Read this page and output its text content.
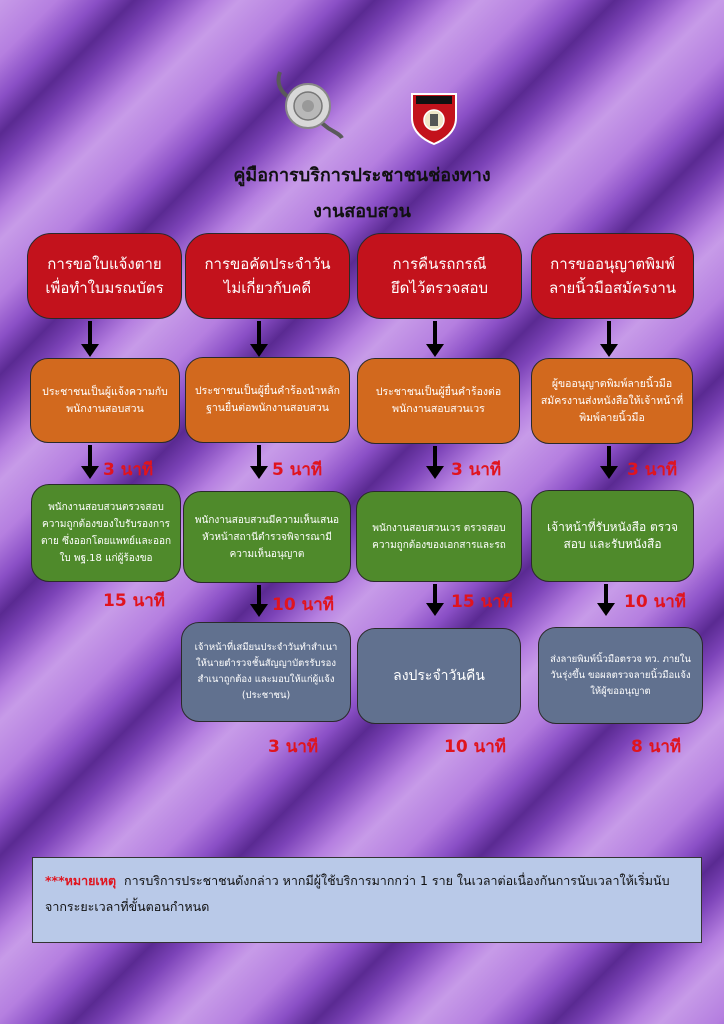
คู่มือการบริการประชาชนช่องทาง
งานสอบสวน
การขอใบแจ้งตาย
เพื่อทำใบมรณบัตร
ประชาชนเป็นผู้แจ้งความกับพนักงานสอบสวน
3 นาที
พนักงานสอบสวนตรวจสอบความถูกต้องของใบรับรองการตาย ซึ่งออกโดยแพทย์และออกใบ พฐ.18 แก่ผู้ร้องขอ
15 นาที
การขอคัดประจำวัน
ไม่เกี่ยวกับคดี
ประชาชนเป็นผู้ยื่นคำร้องนำหลักฐานยื่นต่อพนักงานสอบสวน
5 นาที
พนักงานสอบสวนมีความเห็นเสนอหัวหน้าสถานีตำรวจพิจารณามีความเห็นอนุญาต
10 นาที
เจ้าหน้าที่เสมียนประจำวันทำสำเนาให้นายตำรวจชั้นสัญญาบัตรรับรองสำเนาถูกต้อง และมอบให้แก่ผู้แจ้ง (ประชาชน)
3 นาที
การคืนรถกรณี
ยึดไว้ตรวจสอบ
ประชาชนเป็นผู้ยื่นคำร้องต่อพนักงานสอบสวนเวร
3 นาที
พนักงานสอบสวนเวร ตรวจสอบความถูกต้องของเอกสารและรถ
15 นาที
ลงประจำวันคืน
10 นาที
การขออนุญาตพิมพ์
ลายนิ้วมือสมัครงาน
ผู้ขออนุญาตพิมพ์ลายนิ้วมือสมัครงานส่งหนังสือให้เจ้าหน้าที่พิมพ์ลายนิ้วมือ
3 นาที
เจ้าหน้าที่รับหนังสือ ตรวจสอบ และรับหนังสือ
10 นาที
ส่งลายพิมพ์นิ้วมือตรวจ ทว. ภายในวันรุ่งขึ้น ขอผลตรวจลายนิ้วมือแจ้งให้ผู้ขออนุญาต
8 นาที
***หมายเหตุ การบริการประชาชนดังกล่าว หากมีผู้ใช้บริการมากกว่า 1 ราย ในเวลาต่อเนื่องกันการนับเวลาให้เริ่มนับจากระยะเวลาที่ขั้นตอนกำหนด
